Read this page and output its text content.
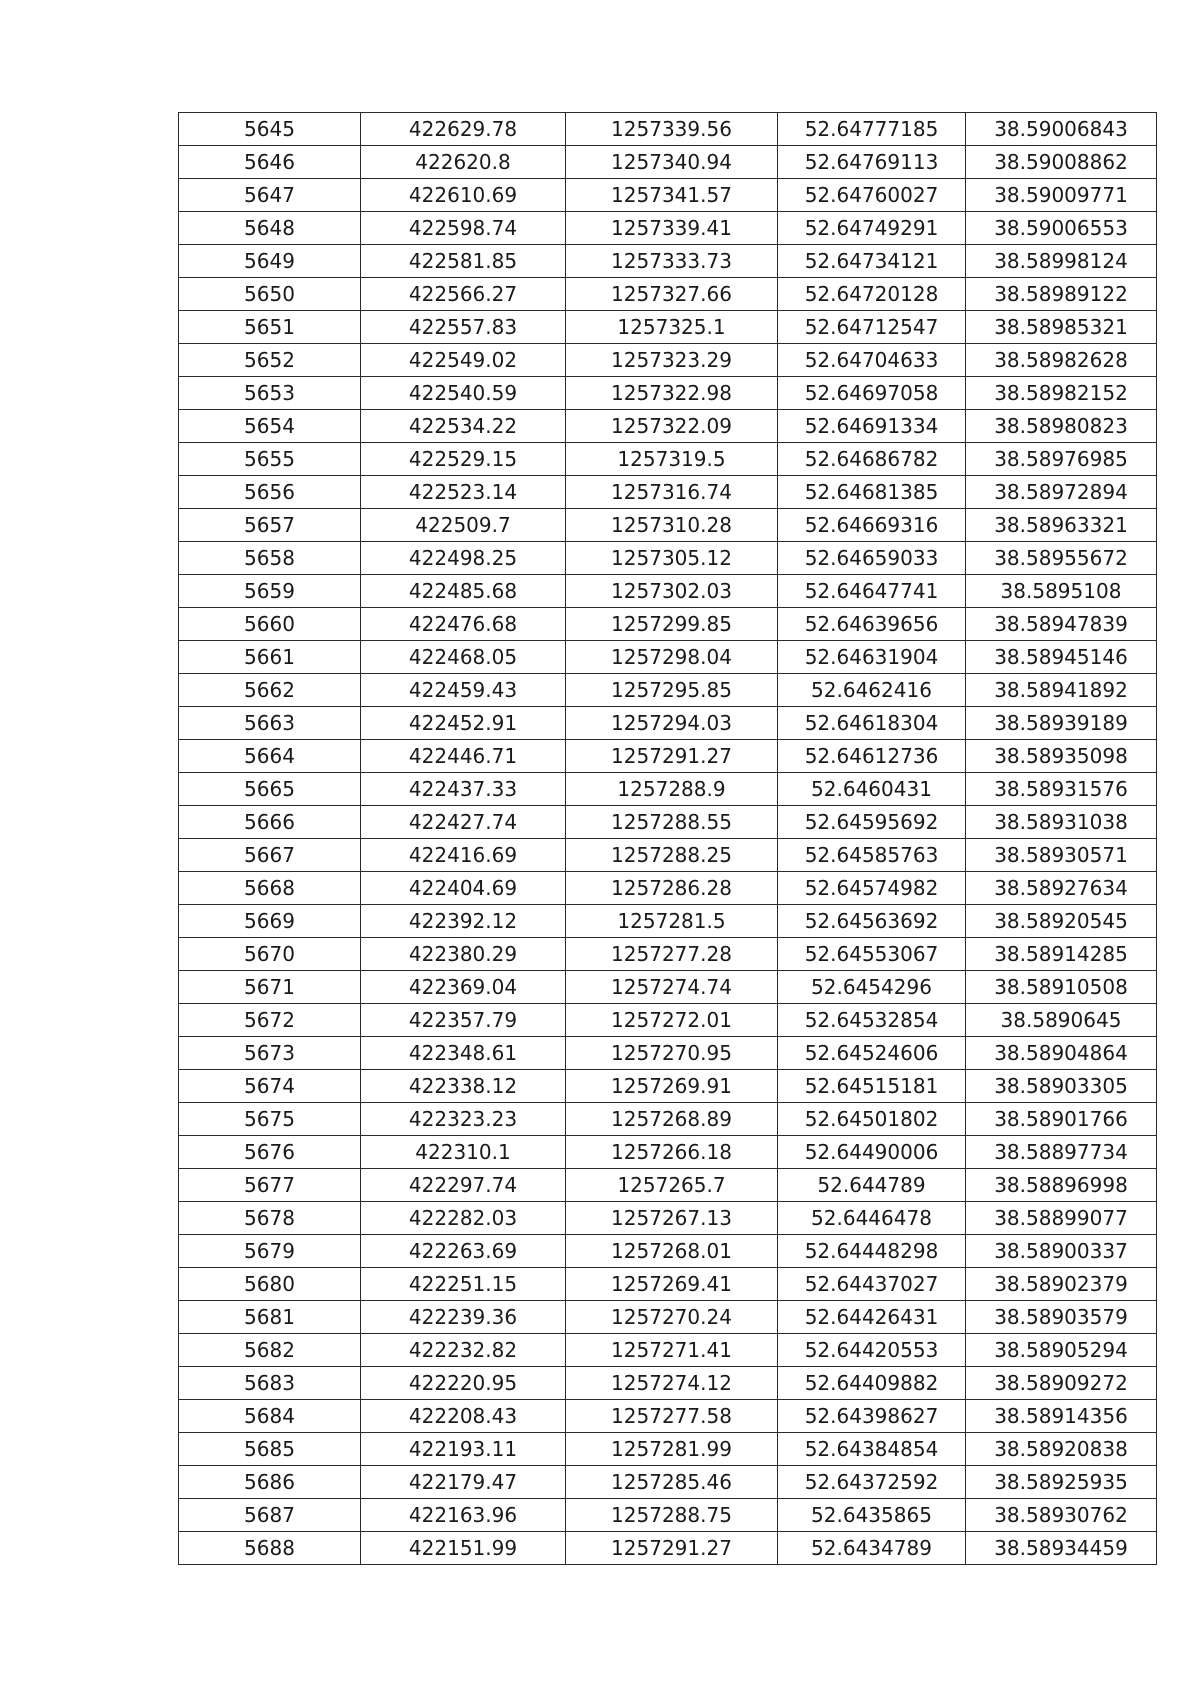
5645	422629.78	1257339.56	52.64777185	38.59006843
5646	422620.8	1257340.94	52.64769113	38.59008862
5647	422610.69	1257341.57	52.64760027	38.59009771
5648	422598.74	1257339.41	52.64749291	38.59006553
5649	422581.85	1257333.73	52.64734121	38.58998124
5650	422566.27	1257327.66	52.64720128	38.58989122
5651	422557.83	1257325.1	52.64712547	38.58985321
5652	422549.02	1257323.29	52.64704633	38.58982628
5653	422540.59	1257322.98	52.64697058	38.58982152
5654	422534.22	1257322.09	52.64691334	38.58980823
5655	422529.15	1257319.5	52.64686782	38.58976985
5656	422523.14	1257316.74	52.64681385	38.58972894
5657	422509.7	1257310.28	52.64669316	38.58963321
5658	422498.25	1257305.12	52.64659033	38.58955672
5659	422485.68	1257302.03	52.64647741	38.5895108
5660	422476.68	1257299.85	52.64639656	38.58947839
5661	422468.05	1257298.04	52.64631904	38.58945146
5662	422459.43	1257295.85	52.6462416	38.58941892
5663	422452.91	1257294.03	52.64618304	38.58939189
5664	422446.71	1257291.27	52.64612736	38.58935098
5665	422437.33	1257288.9	52.6460431	38.58931576
5666	422427.74	1257288.55	52.64595692	38.58931038
5667	422416.69	1257288.25	52.64585763	38.58930571
5668	422404.69	1257286.28	52.64574982	38.58927634
5669	422392.12	1257281.5	52.64563692	38.58920545
5670	422380.29	1257277.28	52.64553067	38.58914285
5671	422369.04	1257274.74	52.6454296	38.58910508
5672	422357.79	1257272.01	52.64532854	38.5890645
5673	422348.61	1257270.95	52.64524606	38.58904864
5674	422338.12	1257269.91	52.64515181	38.58903305
5675	422323.23	1257268.89	52.64501802	38.58901766
5676	422310.1	1257266.18	52.64490006	38.58897734
5677	422297.74	1257265.7	52.644789	38.58896998
5678	422282.03	1257267.13	52.6446478	38.58899077
5679	422263.69	1257268.01	52.64448298	38.58900337
5680	422251.15	1257269.41	52.64437027	38.58902379
5681	422239.36	1257270.24	52.64426431	38.58903579
5682	422232.82	1257271.41	52.64420553	38.58905294
5683	422220.95	1257274.12	52.64409882	38.58909272
5684	422208.43	1257277.58	52.64398627	38.58914356
5685	422193.11	1257281.99	52.64384854	38.58920838
5686	422179.47	1257285.46	52.64372592	38.58925935
5687	422163.96	1257288.75	52.6435865	38.58930762
5688	422151.99	1257291.27	52.6434789	38.58934459
